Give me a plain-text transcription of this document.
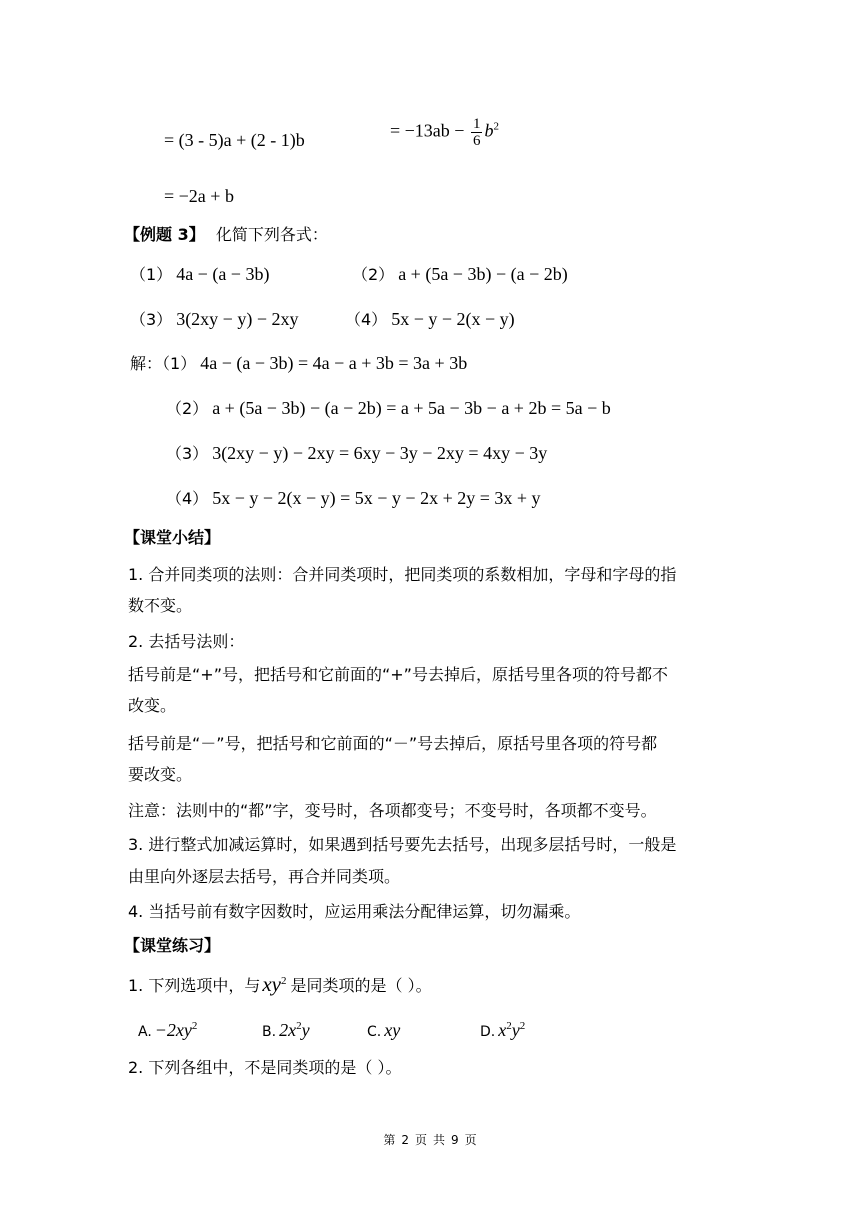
= (3 - 5)a + (2 - 1)b	= $-13ab - \frac{1}{6} b^2$
= −2a + b
【例题 3】 化简下列各式：
（1） 4a − (a − 3b)	（2） a + (5a − 3b) − (a − 2b)
（3） 3(2xy − y) − 2xy	（4） 5x − y − 2(x − y)
解：（1） 4a − (a − 3b) = 4a − a + 3b = 3a + 3b
（2） a + (5a − 3b) − (a − 2b) = a + 5a − 3b − a + 2b = 5a − b
（3） 3(2xy − y) − 2xy = 6xy − 3y − 2xy = 4xy − 3y
（4） 5x − y − 2(x − y) = 5x − y − 2x + 2y = 3x + y
【课堂小结】
1. 合并同类项的法则：合并同类项时，把同类项的系数相加，字母和字母的指
数不变。
2. 去括号法则：
括号前是“+”号，把括号和它前面的“+”号去掉后，原括号里各项的符号都不
改变。
括号前是“－”号，把括号和它前面的“－”号去掉后，原括号里各项的符号都
要改变。
注意：法则中的“都”字，变号时，各项都变号；不变号时，各项都不变号。
3. 进行整式加减运算时，如果遇到括号要先去括号，出现多层括号时，一般是
由里向外逐层去括号，再合并同类项。
4. 当括号前有数字因数时，应运用乘法分配律运算，切勿漏乘。
【课堂练习】
1. 下列选项中，与$xy^2$ 是同类项的是（ ）。
A. $-2xy^2$	B. $2x^2y$	C. xy	D. $x^2y^2$
2. 下列各组中，不是同类项的是（ ）。
第 2 页 共 9 页
